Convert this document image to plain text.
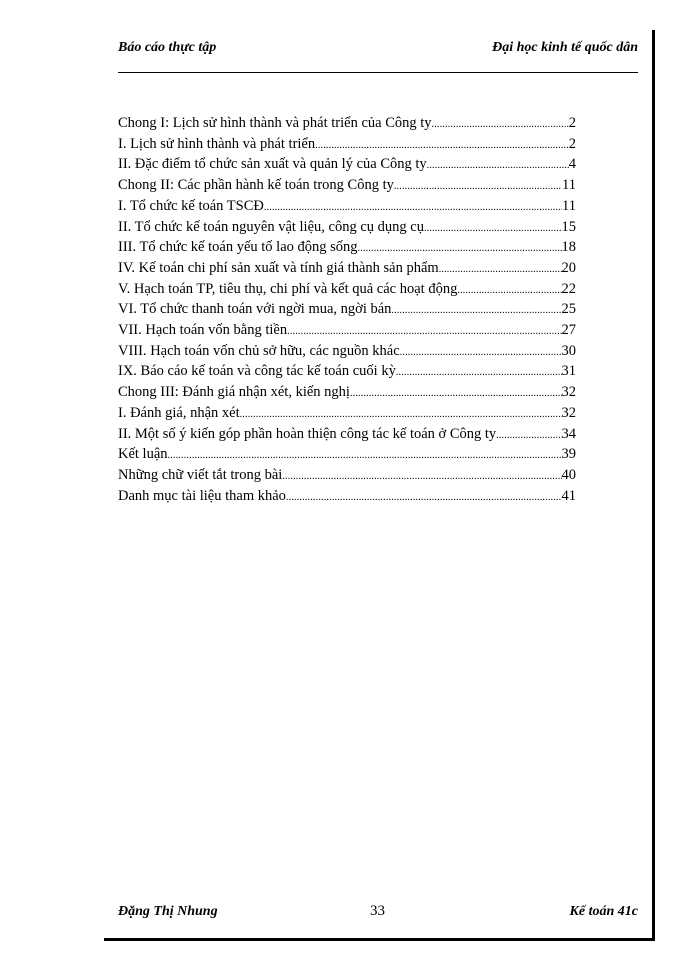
Báo cáo thực tập	Đại học kinh tế quốc dân
Chong I: Lịch sử hình thành và phát triển của Công ty .....	2
I. Lịch sử hình thành và phát triển .....	2
II. Đặc điểm tổ chức sản xuất và quản lý của Công ty .....	4
Chong II: Các phần hành kế toán trong Công ty .....	11
I. Tổ chức kế toán TSCĐ .....	11
II. Tổ chức kế toán nguyên vật liệu, công cụ dụng cụ .....	15
III. Tổ chức kế toán yếu tố lao động sống .....	18
IV. Kế toán chi phí sản xuất và tính giá thành sản phẩm .....	20
V. Hạch toán TP, tiêu thụ, chi phí và kết quả các hoạt động .....	22
VI. Tổ chức thanh toán với ngời mua, ngời bán .....	25
VII. Hạch toán vốn bằng tiền .....	27
VIII. Hạch toán vốn chủ sở hữu, các nguồn khác .....	30
IX. Báo cáo kế toán và công tác kế toán cuối kỳ .....	31
Chong III: Đánh giá nhận xét, kiến nghị .....	32
I. Đánh giá, nhận xét .....	32
II. Một số ý kiến góp phần hoàn thiện công tác kế toán ở Công ty .....	34
Kết luận .....	39
Những chữ viết tắt trong bài .....	40
Danh mục tài liệu tham khảo .....	41
Đặng Thị Nhung	33	Kế toán 41c
